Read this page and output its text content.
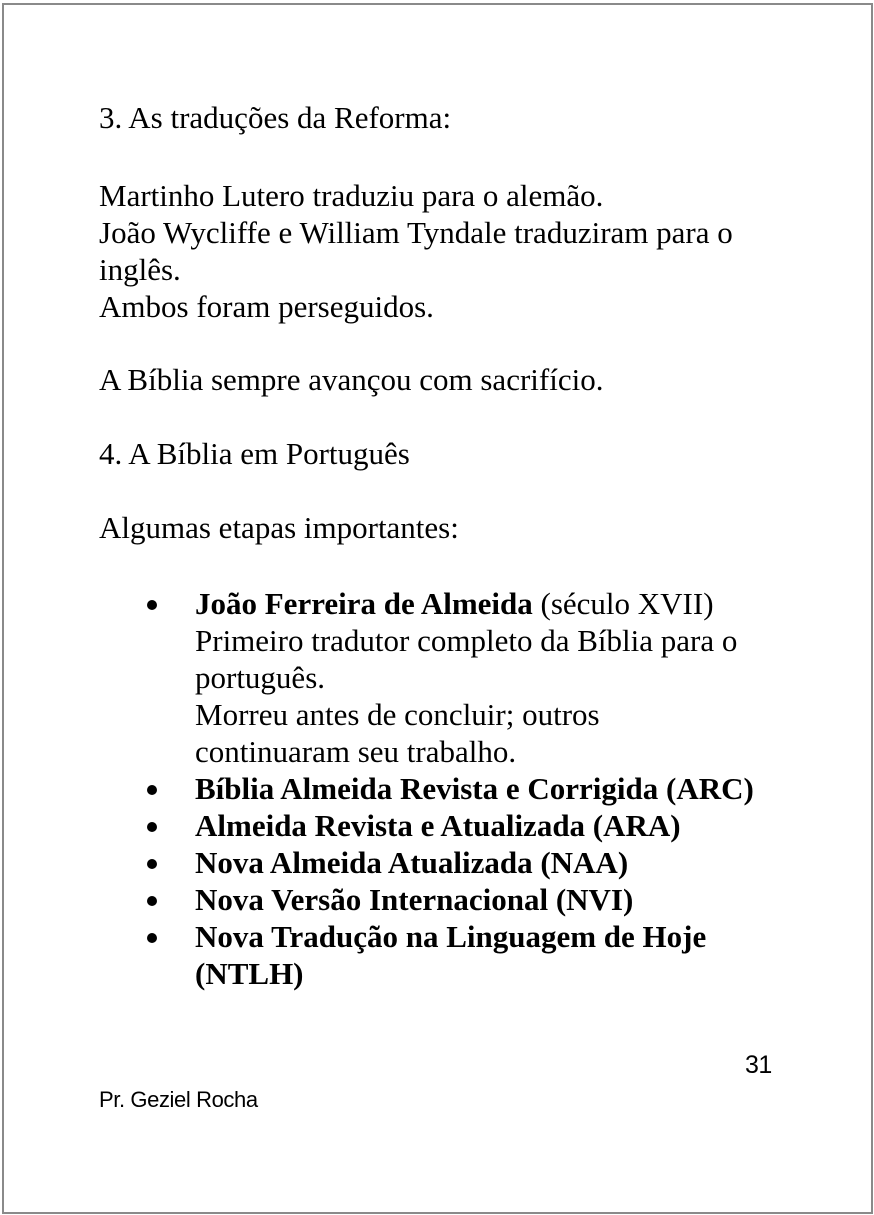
3. As traduções da Reforma:
Martinho Lutero traduziu para o alemão.
João Wycliffe e William Tyndale traduziram para o
inglês.
Ambos foram perseguidos.

A Bíblia sempre avançou com sacrifício.

4. A Bíblia em Português

Algumas etapas importantes:

João Ferreira de Almeida (século XVII)
Primeiro tradutor completo da Bíblia para o
português.
Morreu antes de concluir; outros
continuaram seu trabalho.
Bíblia Almeida Revista e Corrigida (ARC)
Almeida Revista e Atualizada (ARA)
Nova Almeida Atualizada (NAA)
Nova Versão Internacional (NVI)
Nova Tradução na Linguagem de Hoje
(NTLH)
31
Pr. Geziel Rocha
